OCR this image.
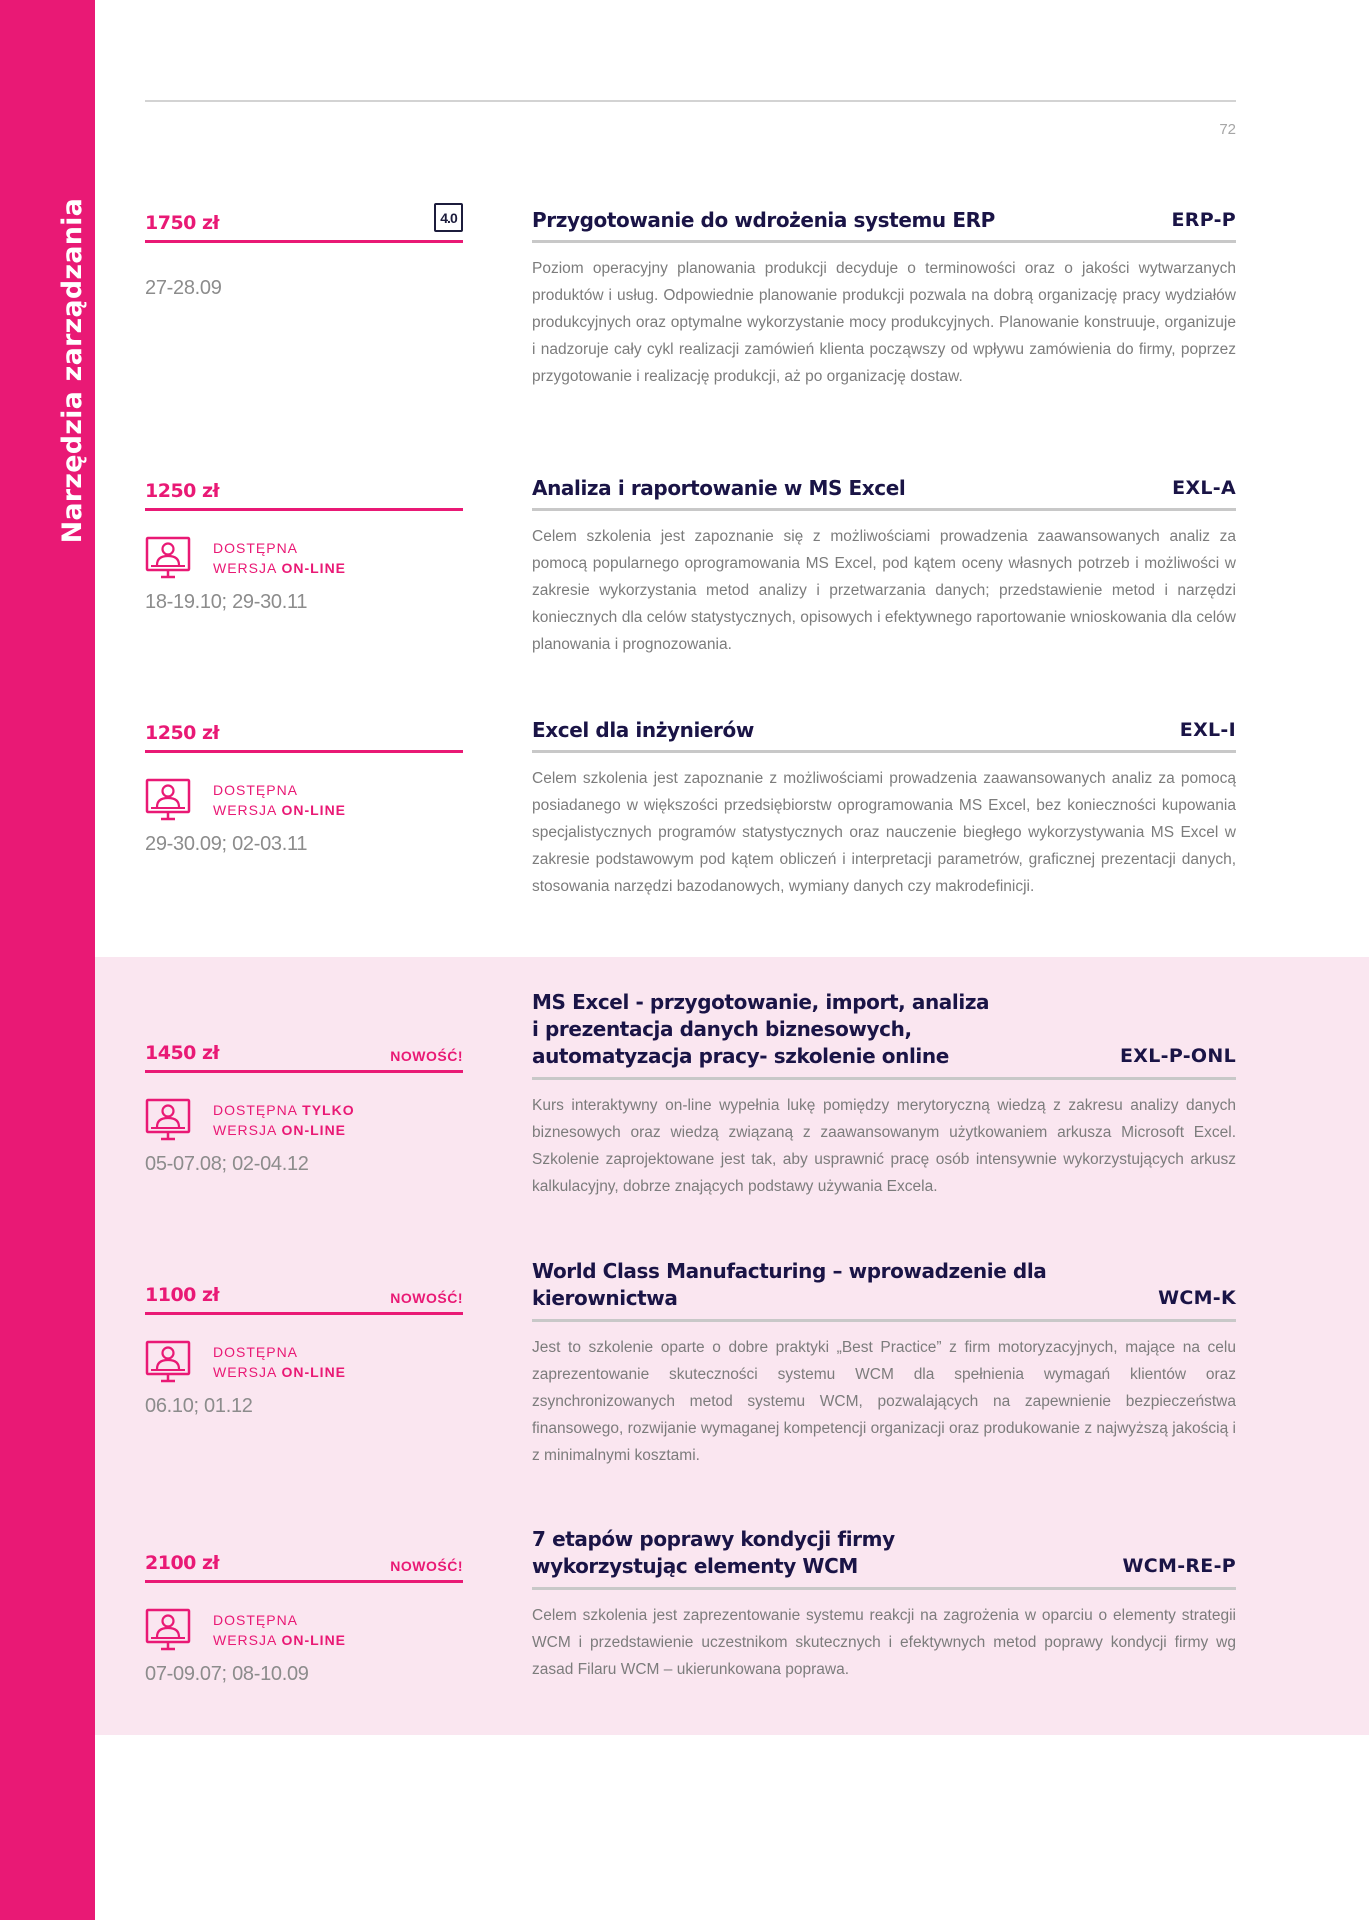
Narzędzia zarządzania
72
1750 zł	4.0
27-28.09
Przygotowanie do wdrożenia systemu ERP	ERP-P

Poziom operacyjny planowania produkcji decyduje o terminowości oraz o jakości wytwarzanych produktów i usług. Odpowiednie planowanie produkcji pozwala na dobrą organizację pracy wydziałów produkcyjnych oraz optymalne wykorzystanie mocy produkcyjnych. Planowanie konstruuje, organizuje i nadzoruje cały cykl realizacji zamówień klienta począwszy od wpływu zamówienia do firmy, poprzez przygotowanie i realizację produkcji, aż po organizację dostaw.

1250 zł
DOSTĘPNA
WERSJA ON-LINE
18-19.10; 29-30.11
Analiza i raportowanie w MS Excel	EXL-A

Celem szkolenia jest zapoznanie się z możliwościami prowadzenia zaawansowanych analiz za pomocą popularnego oprogramowania MS Excel, pod kątem oceny własnych potrzeb i możliwości w zakresie wykorzystania metod analizy i przetwarzania danych; przedstawienie metod i narzędzi koniecznych dla celów statystycznych, opisowych i efektywnego raportowanie wnioskowania dla celów planowania i prognozowania.

1250 zł
DOSTĘPNA
WERSJA ON-LINE
29-30.09; 02-03.11
Excel dla inżynierów	EXL-I

Celem szkolenia jest zapoznanie z możliwościami prowadzenia zaawansowanych analiz za pomocą posiadanego w większości przedsiębiorstw oprogramowania MS Excel, bez konieczności kupowania specjalistycznych programów statystycznych oraz nauczenie biegłego wykorzystywania MS Excel w zakresie podstawowym pod kątem obliczeń i interpretacji parametrów, graficznej prezentacji danych, stosowania narzędzi bazodanowych, wymiany danych czy makrodefinicji.

1450 zł	NOWOŚĆ!
DOSTĘPNA TYLKO
WERSJA ON-LINE
05-07.08; 02-04.12
MS Excel - przygotowanie, import, analiza
i prezentacja danych biznesowych,
automatyzacja pracy- szkolenie online	EXL-P-ONL

Kurs interaktywny on-line wypełnia lukę pomiędzy merytoryczną wiedzą z zakresu analizy danych biznesowych oraz wiedzą związaną z zaawansowanym użytkowaniem arkusza Microsoft Excel. Szkolenie zaprojektowane jest tak, aby usprawnić pracę osób intensywnie wykorzystujących arkusz kalkulacyjny, dobrze znających podstawy używania Excela.

1100 zł	NOWOŚĆ!
DOSTĘPNA
WERSJA ON-LINE
06.10; 01.12
World Class Manufacturing – wprowadzenie dla
kierownictwa	WCM-K

Jest to szkolenie oparte o dobre praktyki „Best Practice” z firm motoryzacyjnych, mające na celu zaprezentowanie skuteczności systemu WCM dla spełnienia wymagań klientów oraz zsynchronizowanych metod systemu WCM, pozwalających na zapewnienie bezpieczeństwa finansowego, rozwijanie wymaganej kompetencji organizacji oraz produkowanie z najwyższą jakością i z minimalnymi kosztami.

2100 zł	NOWOŚĆ!
DOSTĘPNA
WERSJA ON-LINE
07-09.07; 08-10.09
7 etapów poprawy kondycji firmy
wykorzystując elementy WCM	WCM-RE-P

Celem szkolenia jest zaprezentowanie systemu reakcji na zagrożenia w oparciu o elementy strategii WCM i przedstawienie uczestnikom skutecznych i efektywnych metod poprawy kondycji firmy wg zasad Filaru WCM – ukierunkowana poprawa.
